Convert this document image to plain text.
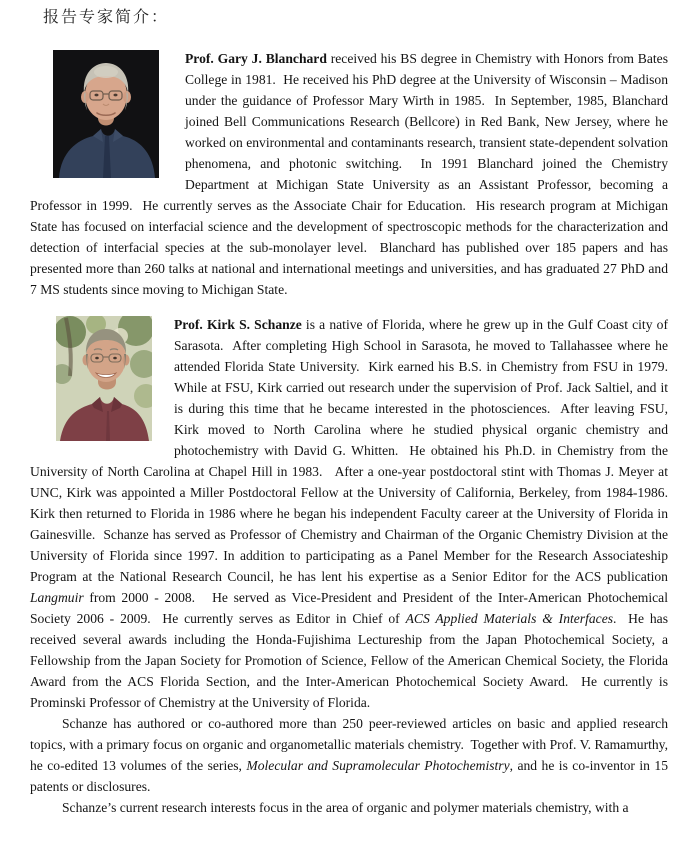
报告专家简介：

Prof. Gary J. Blanchard received his BS degree in Chemistry with Honors from Bates College in 1981.  He received his PhD degree at the University of Wisconsin – Madison under the guidance of Professor Mary Wirth in 1985.  In September, 1985, Blanchard joined Bell Communications Research (Bellcore) in Red Bank, New Jersey, where he worked on environmental and contaminants research, transient state-dependent solvation phenomena, and photonic switching.  In 1991 Blanchard joined the Chemistry Department at Michigan State University as an Assistant Professor, becoming a Professor in 1999.  He currently serves as the Associate Chair for Education.  His research program at Michigan State has focused on interfacial science and the development of spectroscopic methods for the characterization and detection of interfacial species at the sub-monolayer level.  Blanchard has published over 185 papers and has presented more than 260 talks at national and international meetings and universities, and has graduated 27 PhD and 7 MS students since moving to Michigan State.

Prof. Kirk S. Schanze is a native of Florida, where he grew up in the Gulf Coast city of Sarasota.  After completing High School in Sarasota, he moved to Tallahassee where he attended Florida State University.  Kirk earned his B.S. in Chemistry from FSU in 1979.  While at FSU, Kirk carried out research under the supervision of Prof. Jack Saltiel, and it is during this time that he became interested in the photosciences.  After leaving FSU, Kirk moved to North Carolina where he studied physical organic chemistry and photochemistry with David G. Whitten.  He obtained his Ph.D. in Chemistry from the University of North Carolina at Chapel Hill in 1983.   After a one-year postdoctoral stint with Thomas J. Meyer at UNC, Kirk was appointed a Miller Postdoctoral Fellow at the University of California, Berkeley, from 1984-1986.  Kirk then returned to Florida in 1986 where he began his independent Faculty career at the University of Florida in Gainesville.  Schanze has served as Professor of Chemistry and Chairman of the Organic Chemistry Division at the University of Florida since 1997. In addition to participating as a Panel Member for the Research Associateship Program at the National Research Council, he has lent his expertise as a Senior Editor for the ACS publication Langmuir from 2000 - 2008.   He served as Vice-President and President of the Inter-American Photochemical Society 2006 - 2009.  He currently serves as Editor in Chief of ACS Applied Materials & Interfaces.  He has received several awards including the Honda-Fujishima Lectureship from the Japan Photochemical Society, a Fellowship from the Japan Society for Promotion of Science, Fellow of the American Chemical Society, the Florida Award from the ACS Florida Section, and the Inter-American Photochemical Society Award.  He currently is Prominski Professor of Chemistry at the University of Florida.

Schanze has authored or co-authored more than 250 peer-reviewed articles on basic and applied research topics, with a primary focus on organic and organometallic materials chemistry.  Together with Prof. V. Ramamurthy, he co-edited 13 volumes of the series, Molecular and Supramolecular Photochemistry, and he is co-inventor in 15 patents or disclosures.

Schanze’s current research interests focus in the area of organic and polymer materials chemistry, with a
